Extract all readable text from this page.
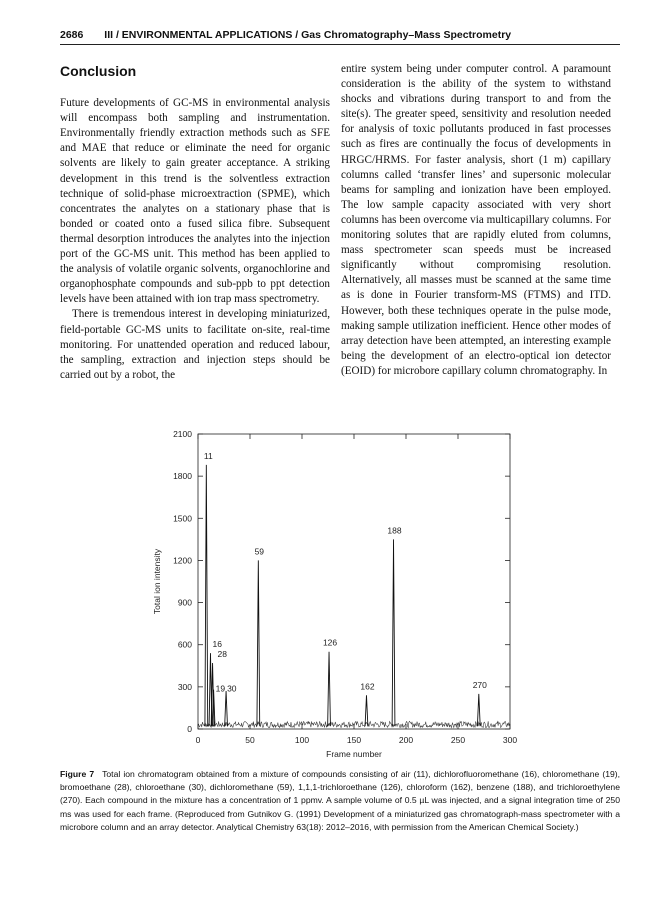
2686 III / ENVIRONMENTAL APPLICATIONS / Gas Chromatography–Mass Spectrometry
Conclusion

Future developments of GC-MS in environmental analysis will encompass both sampling and instrumentation. Environmentally friendly extraction methods such as SFE and MAE that reduce or eliminate the need for organic solvents are likely to gain greater acceptance. A striking development in this trend is the solventless extraction technique of solid-phase microextraction (SPME), which concentrates the analytes on a stationary phase that is bonded or coated onto a fused silica fibre. Subsequent thermal desorption introduces the analytes into the injection port of the GC-MS unit. This method has been applied to the analysis of volatile organic solvents, organochlorine and organophosphate compounds and sub-ppb to ppt detection levels have been attained with ion trap mass spectrometry.

There is tremendous interest in developing miniaturized, field-portable GC-MS units to facilitate on-site, real-time monitoring. For unattended operation and reduced labour, the sampling, extraction and injection steps should be carried out by a robot, the

entire system being under computer control. A paramount consideration is the ability of the system to withstand shocks and vibrations during transport to and from the site(s). The greater speed, sensitivity and resolution needed for analysis of toxic pollutants produced in fast processes such as fires are continually the focus of developments in HRGC/HRMS. For faster analysis, short (1 m) capillary columns called ‘transfer lines’ and supersonic molecular beams for sampling and ionization have been employed. The low sample capacity associated with very short columns has been overcome via multicapillary columns. For monitoring solutes that are rapidly eluted from columns, mass spectrometer scan speeds must be increased significantly without compromising resolution. Alternatively, all masses must be scanned at the same time as is done in Fourier transform-MS (FTMS) and ITD. However, both these techniques operate in the pulse mode, making sample utilization inefficient. Hence other modes of array detection have been attempted, an interesting example being the development of an electro-optical ion detector (EOID) for microbore capillary column chromatography. In

0
300
600
900
1200
1500
1800
2100
0	50	100	150	200	250	300
Frame number
Total ion intensity
11
16
28
19 30
59
126
162
188
270
Figure 7 Total ion chromatogram obtained from a mixture of compounds consisting of air (11), dichlorofluoromethane (16), chloromethane (19), bromoethane (28), chloroethane (30), dichloromethane (59), 1,1,1-trichloroethane (126), chloroform (162), benzene (188), and trichloroethylene (270). Each compound in the mixture has a concentration of 1 ppmv. A sample volume of 0.5 µL was injected, and a signal integration time of 250 ms was used for each frame. (Reproduced from Gutnikov G. (1991) Development of a miniaturized gas chromatograph-mass spectrometer with a microbore column and an array detector. Analytical Chemistry 63(18): 2012–2016, with permission from the American Chemical Society.)
